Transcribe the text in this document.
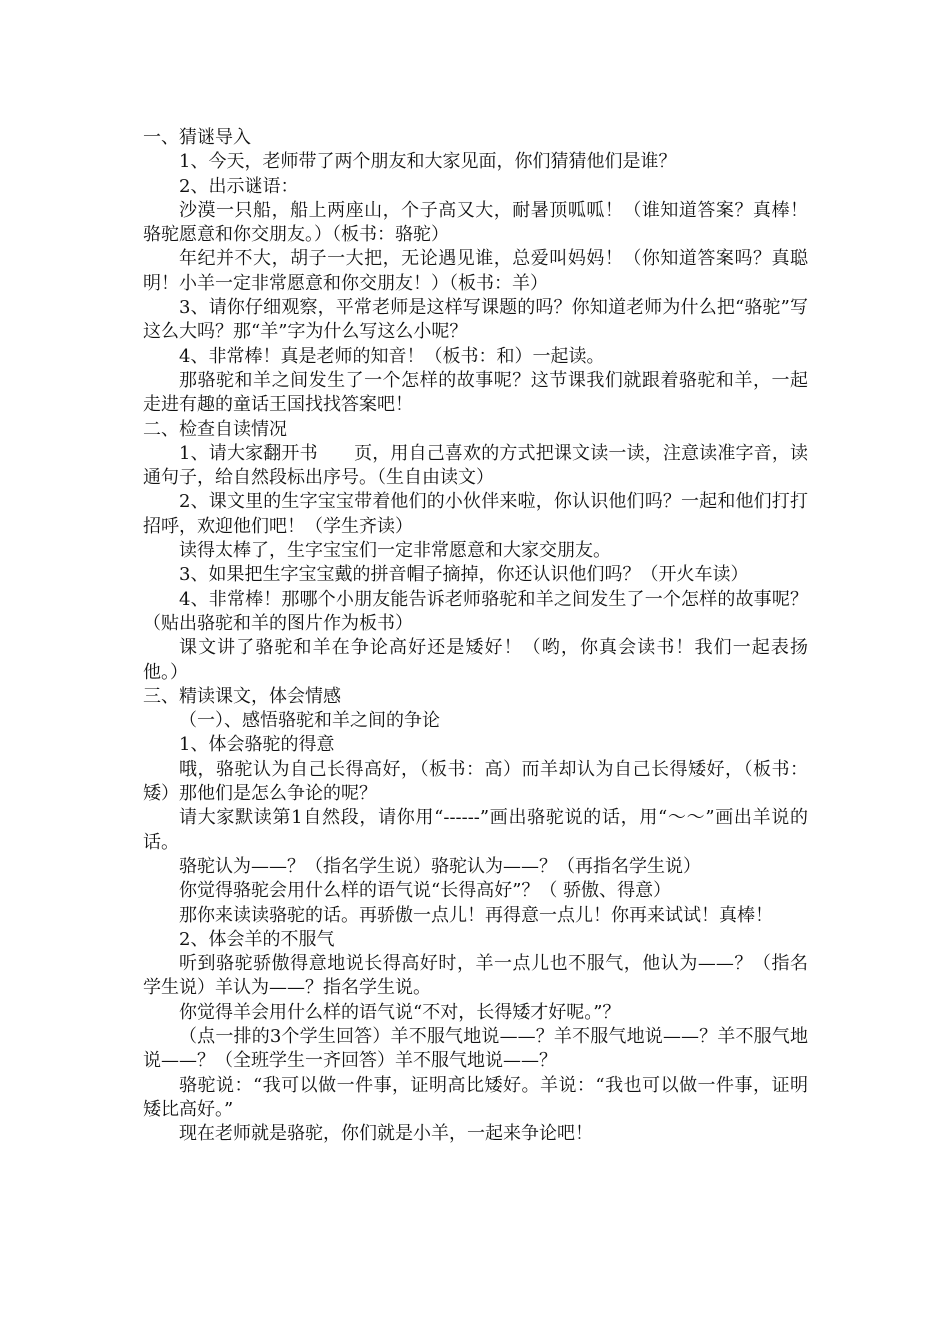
一、猜谜导入

1、今天，老师带了两个朋友和大家见面，你们猜猜他们是谁？

2、出示谜语：

沙漠一只船，船上两座山，个子高又大，耐暑顶呱呱！（谁知道答案？真棒！骆驼愿意和你交朋友。）（板书：骆驼）

年纪并不大，胡子一大把，无论遇见谁，总爱叫妈妈！（你知道答案吗？真聪明！小羊一定非常愿意和你交朋友！）（板书：羊）

3、请你仔细观察，平常老师是这样写课题的吗？你知道老师为什么把“骆驼”写这么大吗？那“羊”字为什么写这么小呢？

4、非常棒！真是老师的知音！（板书：和）一起读。

那骆驼和羊之间发生了一个怎样的故事呢？这节课我们就跟着骆驼和羊，一起走进有趣的童话王国找找答案吧！

二、检查自读情况

1、请大家翻开书　　页，用自己喜欢的方式把课文读一读，注意读准字音，读通句子，给自然段标出序号。（生自由读文）

2、课文里的生字宝宝带着他们的小伙伴来啦，你认识他们吗？一起和他们打打招呼，欢迎他们吧！（学生齐读）

读得太棒了，生字宝宝们一定非常愿意和大家交朋友。

3、如果把生字宝宝戴的拼音帽子摘掉，你还认识他们吗？（开火车读）

4、非常棒！那哪个小朋友能告诉老师骆驼和羊之间发生了一个怎样的故事呢？（贴出骆驼和羊的图片作为板书）

课文讲了骆驼和羊在争论高好还是矮好！（哟，你真会读书！我们一起表扬他。）

三、精读课文，体会情感

（一）、感悟骆驼和羊之间的争论

1、体会骆驼的得意

哦，骆驼认为自己长得高好，（板书：高）而羊却认为自己长得矮好，（板书：矮）那他们是怎么争论的呢？

请大家默读第1自然段，请你用“------”画出骆驼说的话，用“～～”画出羊说的话。

骆驼认为——？（指名学生说）骆驼认为——？（再指名学生说）

你觉得骆驼会用什么样的语气说“长得高好”？（ 骄傲、得意）

那你来读读骆驼的话。再骄傲一点儿！再得意一点儿！你再来试试！真棒！

2、体会羊的不服气

听到骆驼骄傲得意地说长得高好时，羊一点儿也不服气，他认为——？（指名学生说）羊认为——？指名学生说。

你觉得羊会用什么样的语气说“不对，长得矮才好呢。”？

（点一排的3个学生回答）羊不服气地说——？羊不服气地说——？羊不服气地说——？（全班学生一齐回答）羊不服气地说——？

骆驼说：“我可以做一件事，证明高比矮好。羊说：“我也可以做一件事，证明矮比高好。”

现在老师就是骆驼，你们就是小羊，一起来争论吧！
